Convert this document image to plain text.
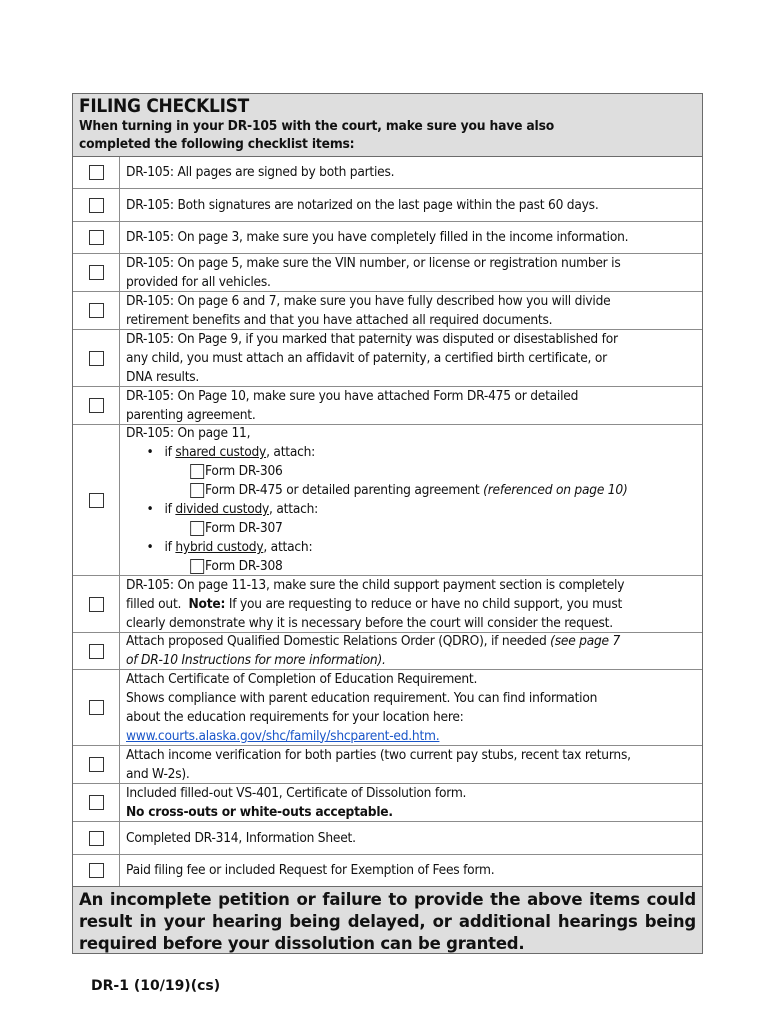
FILING CHECKLIST
When turning in your DR-105 with the court, make sure you have also
completed the following checklist items:
DR-105: All pages are signed by both parties.
DR-105: Both signatures are notarized on the last page within the past 60 days.
DR-105: On page 3, make sure you have completely filled in the income information.
DR-105: On page 5, make sure the VIN number, or license or registration number is
provided for all vehicles.
DR-105: On page 6 and 7, make sure you have fully described how you will divide
retirement benefits and that you have attached all required documents.
DR-105: On Page 9, if you marked that paternity was disputed or disestablished for
any child, you must attach an affidavit of paternity, a certified birth certificate, or
DNA results.
DR-105: On Page 10, make sure you have attached Form DR-475 or detailed
parenting agreement.
DR-105: On page 11,
•   if shared custody, attach:
Form DR-306
Form DR-475 or detailed parenting agreement
(referenced on page 10)
•   if divided custody, attach:
Form DR-307
•   if hybrid custody, attach:
Form DR-308
DR-105: On page 11-13, make sure the child support payment section is completely
filled out.  Note: If you are requesting to reduce or have no child support, you must
clearly demonstrate why it is necessary before the court will consider the request.
Attach proposed Qualified Domestic Relations Order (QDRO), if needed (see page 7
of DR-10 Instructions for more information).
Attach Certificate of Completion of Education Requirement.
Shows compliance with parent education requirement. You can find information
about the education requirements for your location here:
www.courts.alaska.gov/shc/family/shcparent-ed.htm.
Attach income verification for both parties (two current pay stubs, recent tax returns,
and W-2s).
Included filled-out VS-401, Certificate of Dissolution form.
No cross-outs or white-outs acceptable.
Completed DR-314, Information Sheet.
Paid filing fee or included Request for Exemption of Fees form.
An incomplete petition or failure to provide the above items could result in your hearing being delayed, or additional hearings being required before your dissolution can be granted.
DR-1 (10/19)(cs)
